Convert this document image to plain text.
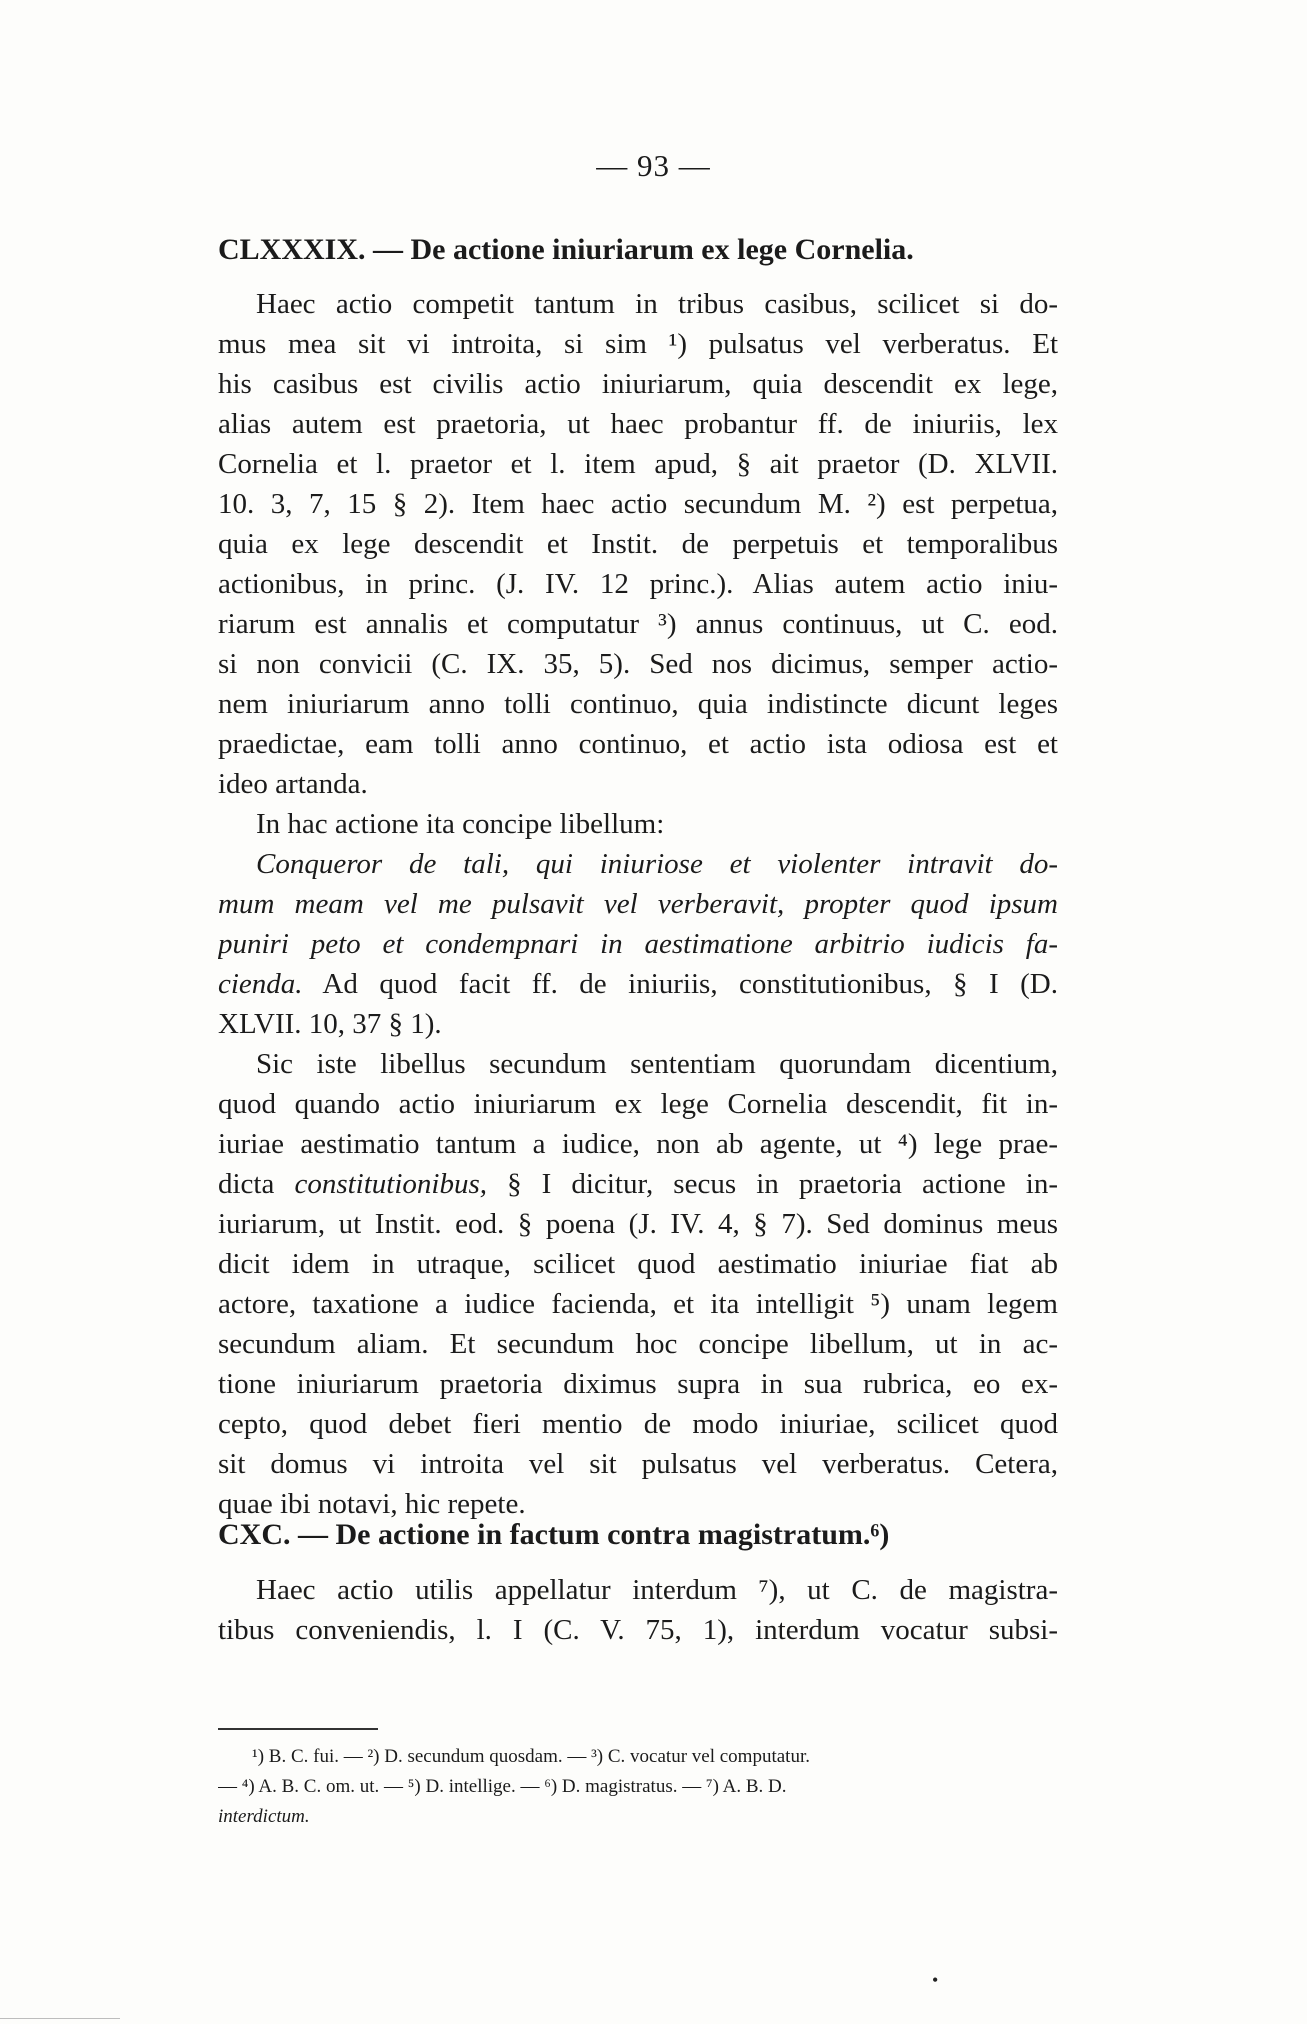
— 93 —
CLXXXIX. — De actione iniuriarum ex lege Cornelia.
Haec actio competit tantum in tribus casibus, scilicet si do-
mus mea sit vi introita, si sim ¹) pulsatus vel verberatus. Et
his casibus est civilis actio iniuriarum, quia descendit ex lege,
alias autem est praetoria, ut haec probantur ff. de iniuriis, lex
Cornelia et l. praetor et l. item apud, § ait praetor (D. XLVII.
10. 3, 7, 15 § 2). Item haec actio secundum M. ²) est perpetua,
quia ex lege descendit et Instit. de perpetuis et temporalibus
actionibus, in princ. (J. IV. 12 princ.). Alias autem actio iniu-
riarum est annalis et computatur ³) annus continuus, ut C. eod.
si non convicii (C. IX. 35, 5). Sed nos dicimus, semper actio-
nem iniuriarum anno tolli continuo, quia indistincte dicunt leges
praedictae, eam tolli anno continuo, et actio ista odiosa est et
ideo artanda.
In hac actione ita concipe libellum:
Conqueror de tali, qui iniuriose et violenter intravit do-
mum meam vel me pulsavit vel verberavit, propter quod ipsum
puniri peto et condempnari in aestimatione arbitrio iudicis fa-
cienda. Ad quod facit ff. de iniuriis, constitutionibus, § I (D.
XLVII. 10, 37 § 1).
Sic iste libellus secundum sententiam quorundam dicentium,
quod quando actio iniuriarum ex lege Cornelia descendit, fit in-
iuriae aestimatio tantum a iudice, non ab agente, ut ⁴) lege prae-
dicta constitutionibus, § I dicitur, secus in praetoria actione in-
iuriarum, ut Instit. eod. § poena (J. IV. 4, § 7). Sed dominus meus
dicit idem in utraque, scilicet quod aestimatio iniuriae fiat ab
actore, taxatione a iudice facienda, et ita intelligit ⁵) unam legem
secundum aliam. Et secundum hoc concipe libellum, ut in ac-
tione iniuriarum praetoria diximus supra in sua rubrica, eo ex-
cepto, quod debet fieri mentio de modo iniuriae, scilicet quod
sit domus vi introita vel sit pulsatus vel verberatus. Cetera,
quae ibi notavi, hic repete.
CXC. — De actione in factum contra magistratum.⁶)
Haec actio utilis appellatur interdum ⁷), ut C. de magistra-
tibus conveniendis, l. I (C. V. 75, 1), interdum vocatur subsi-
¹) B. C. fui. — ²) D. secundum quosdam. — ³) C. vocatur vel computatur.
— ⁴) A. B. C. om. ut. — ⁵) D. intellige. — ⁶) D. magistratus. — ⁷) A. B. D.
interdictum.
•
